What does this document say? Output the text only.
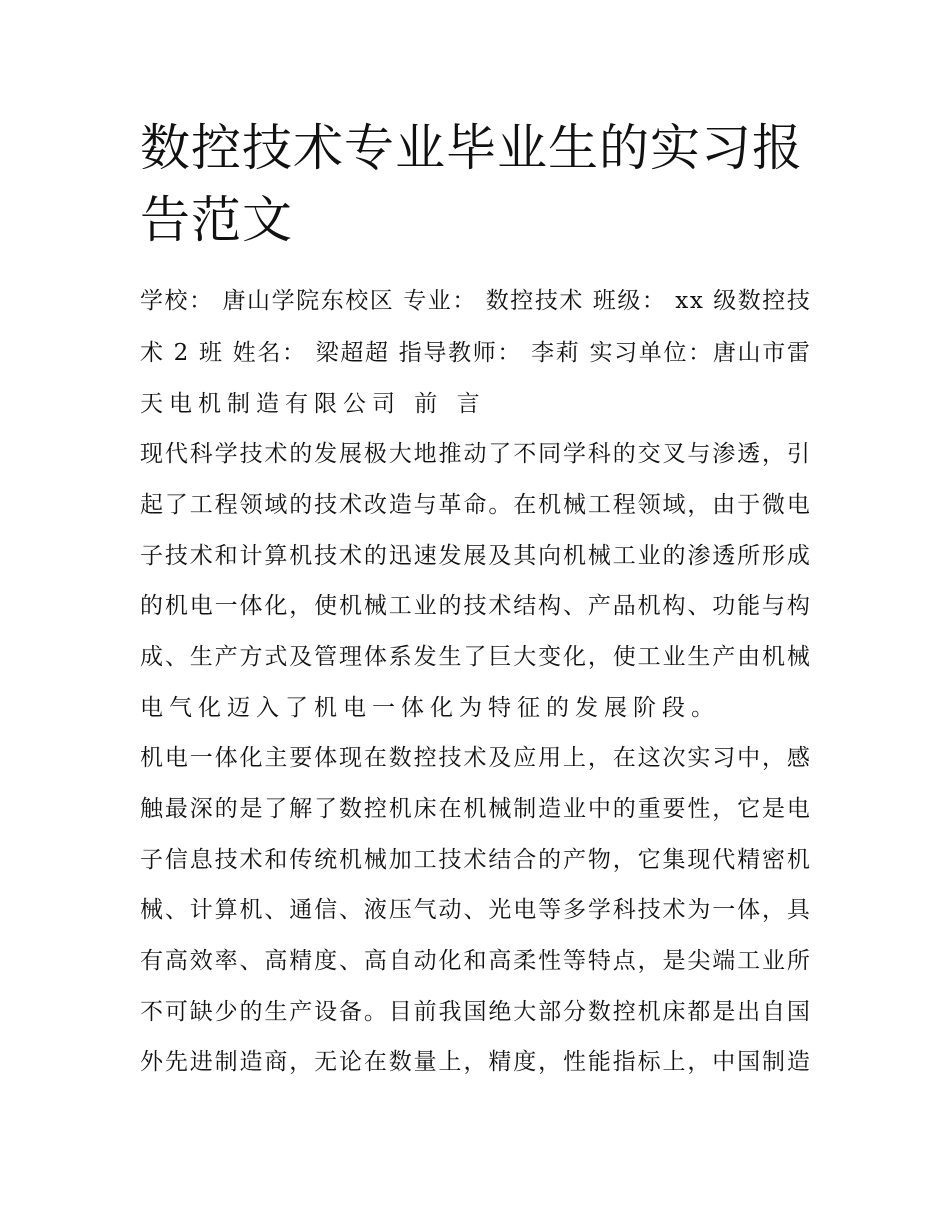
数控技术专业毕业生的实习报
告范文

学校： 唐山学院东校区 专业： 数控技术 班级： xx 级数控技

术 2 班 姓名： 梁超超 指导教师： 李莉 实习单位：唐山市雷

天电机制造有限公司 前 言

现代科学技术的发展极大地推动了不同学科的交叉与渗透，引

起了工程领域的技术改造与革命。在机械工程领域，由于微电

子技术和计算机技术的迅速发展及其向机械工业的渗透所形成

的机电一体化，使机械工业的技术结构、产品机构、功能与构

成、生产方式及管理体系发生了巨大变化，使工业生产由机械

电气化迈入了机电一体化为特征的发展阶段。

机电一体化主要体现在数控技术及应用上，在这次实习中，感

触最深的是了解了数控机床在机械制造业中的重要性，它是电

子信息技术和传统机械加工技术结合的产物，它集现代精密机

械、计算机、通信、液压气动、光电等多学科技术为一体，具

有高效率、高精度、高自动化和高柔性等特点，是尖端工业所

不可缺少的生产设备。目前我国绝大部分数控机床都是出自国

外先进制造商，无论在数量上，精度，性能指标上，中国制造
